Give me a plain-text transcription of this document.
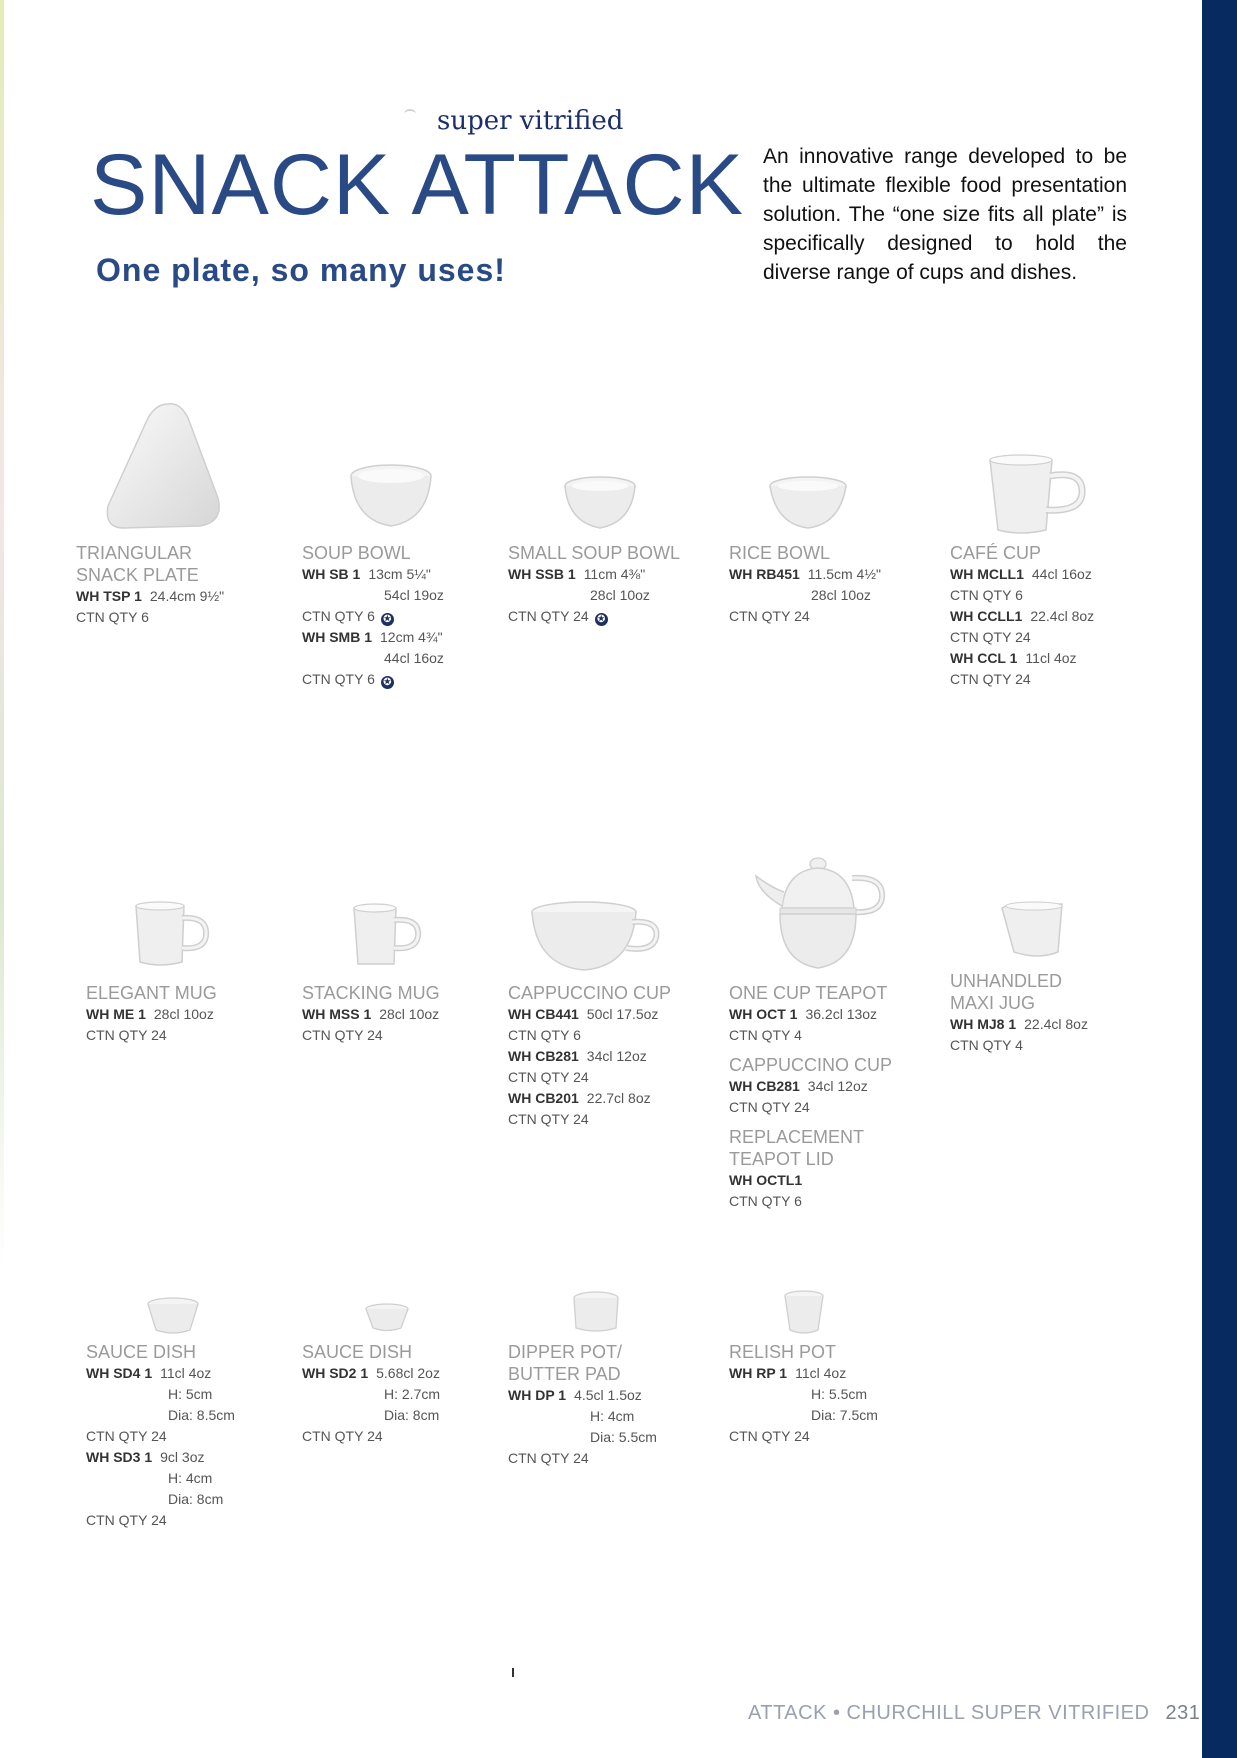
super vitrified
SNACK ATTACK
One plate, so many uses!

An innovative range developed to be the ultimate flexible food presentation solution. The “one size fits all plate” is specifically designed to hold the diverse range of cups and dishes.

TRIANGULAR
SNACK PLATE
WH TSP 1 24.4cm 9½"
CTN QTY 6
SOUP BOWL
WH SB 1 13cm 5¼"
54cl 19oz
CTN QTY 6 ✪
WH SMB 1 12cm 4¾"
44cl 16oz
CTN QTY 6 ✪
SMALL SOUP BOWL
WH SSB 1 11cm 4⅜"
28cl 10oz
CTN QTY 24 ✪
RICE BOWL
WH RB451 11.5cm 4½"
28cl 10oz
CTN QTY 24
CAFÉ CUP
WH MCLL1 44cl 16oz
CTN QTY 6
WH CCLL1 22.4cl 8oz
CTN QTY 24
WH CCL 1 11cl 4oz
CTN QTY 24
ELEGANT MUG
WH ME 1 28cl 10oz
CTN QTY 24
STACKING MUG
WH MSS 1 28cl 10oz
CTN QTY 24
CAPPUCCINO CUP
WH CB441 50cl 17.5oz
CTN QTY 6
WH CB281 34cl 12oz
CTN QTY 24
WH CB201 22.7cl 8oz
CTN QTY 24
ONE CUP TEAPOT
WH OCT 1 36.2cl 13oz
CTN QTY 4
CAPPUCCINO CUP
WH CB281 34cl 12oz
CTN QTY 24
REPLACEMENT
TEAPOT LID
WH OCTL1
CTN QTY 6
UNHANDLED
MAXI JUG
WH MJ8 1 22.4cl 8oz
CTN QTY 4
SAUCE DISH
WH SD4 1 11cl 4oz
H: 5cm
Dia: 8.5cm
CTN QTY 24
WH SD3 1 9cl 3oz
H: 4cm
Dia: 8cm
CTN QTY 24
SAUCE DISH
WH SD2 1 5.68cl 2oz
H: 2.7cm
Dia: 8cm
CTN QTY 24
DIPPER POT/
BUTTER PAD
WH DP 1 4.5cl 1.5oz
H: 4cm
Dia: 5.5cm
CTN QTY 24
RELISH POT
WH RP 1 11cl 4oz
H: 5.5cm
Dia: 7.5cm
CTN QTY 24
ATTACK • CHURCHILL SUPER VITRIFIED 231
